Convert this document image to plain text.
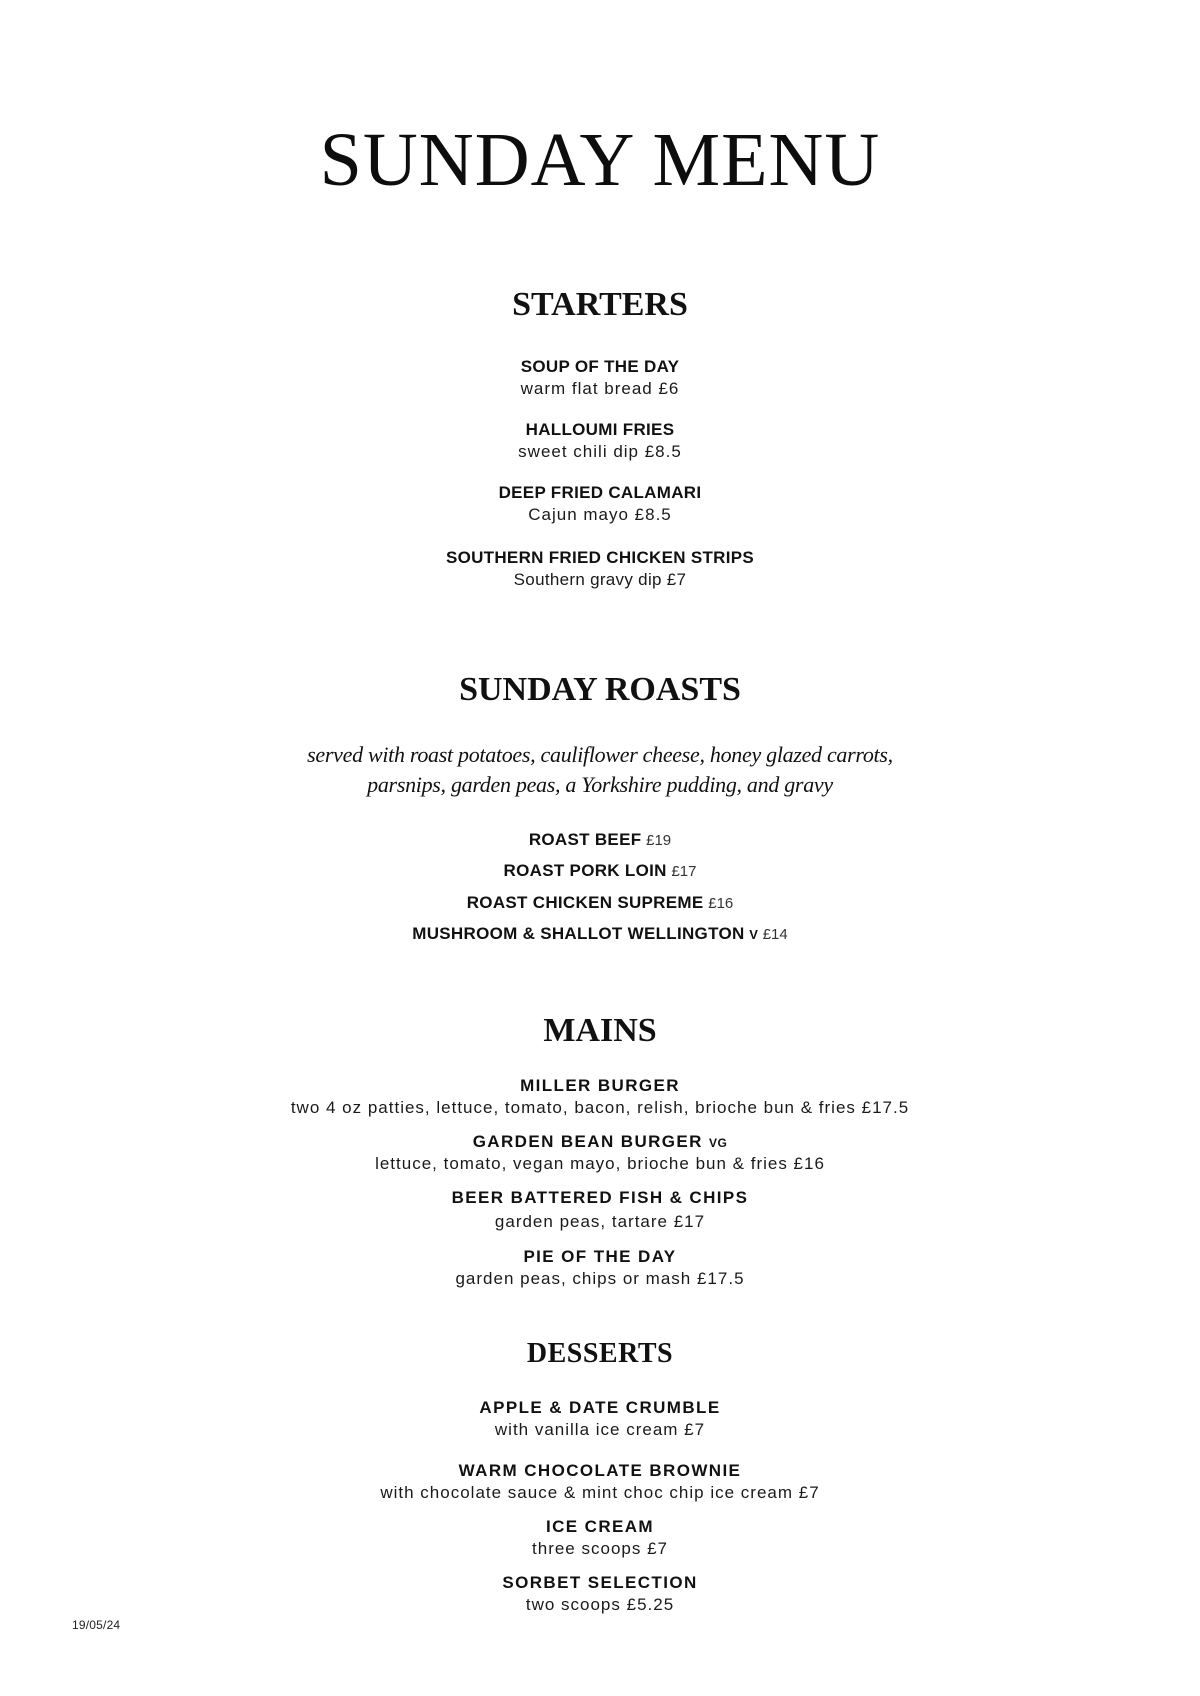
SUNDAY MENU
STARTERS
SOUP OF THE DAY
warm flat bread £6
HALLOUMI FRIES
sweet chili dip £8.5
DEEP FRIED CALAMARI
Cajun mayo £8.5
SOUTHERN FRIED CHICKEN STRIPS
Southern gravy dip £7
SUNDAY ROASTS
served with roast potatoes, cauliflower cheese, honey glazed carrots,
parsnips, garden peas, a Yorkshire pudding, and gravy
ROAST BEEF £19
ROAST PORK LOIN £17
ROAST CHICKEN SUPREME £16
MUSHROOM & SHALLOT WELLINGTON V £14
MAINS
MILLER BURGER
two 4 oz patties, lettuce, tomato, bacon, relish, brioche bun & fries £17.5
GARDEN BEAN BURGER VG
lettuce, tomato, vegan mayo, brioche bun & fries £16
BEER BATTERED FISH & CHIPS
garden peas, tartare £17
PIE OF THE DAY
garden peas, chips or mash £17.5
DESSERTS
APPLE & DATE CRUMBLE
with vanilla ice cream £7
WARM CHOCOLATE BROWNIE
with chocolate sauce & mint choc chip ice cream £7
ICE CREAM
three scoops £7
SORBET SELECTION
two scoops £5.25
19/05/24
